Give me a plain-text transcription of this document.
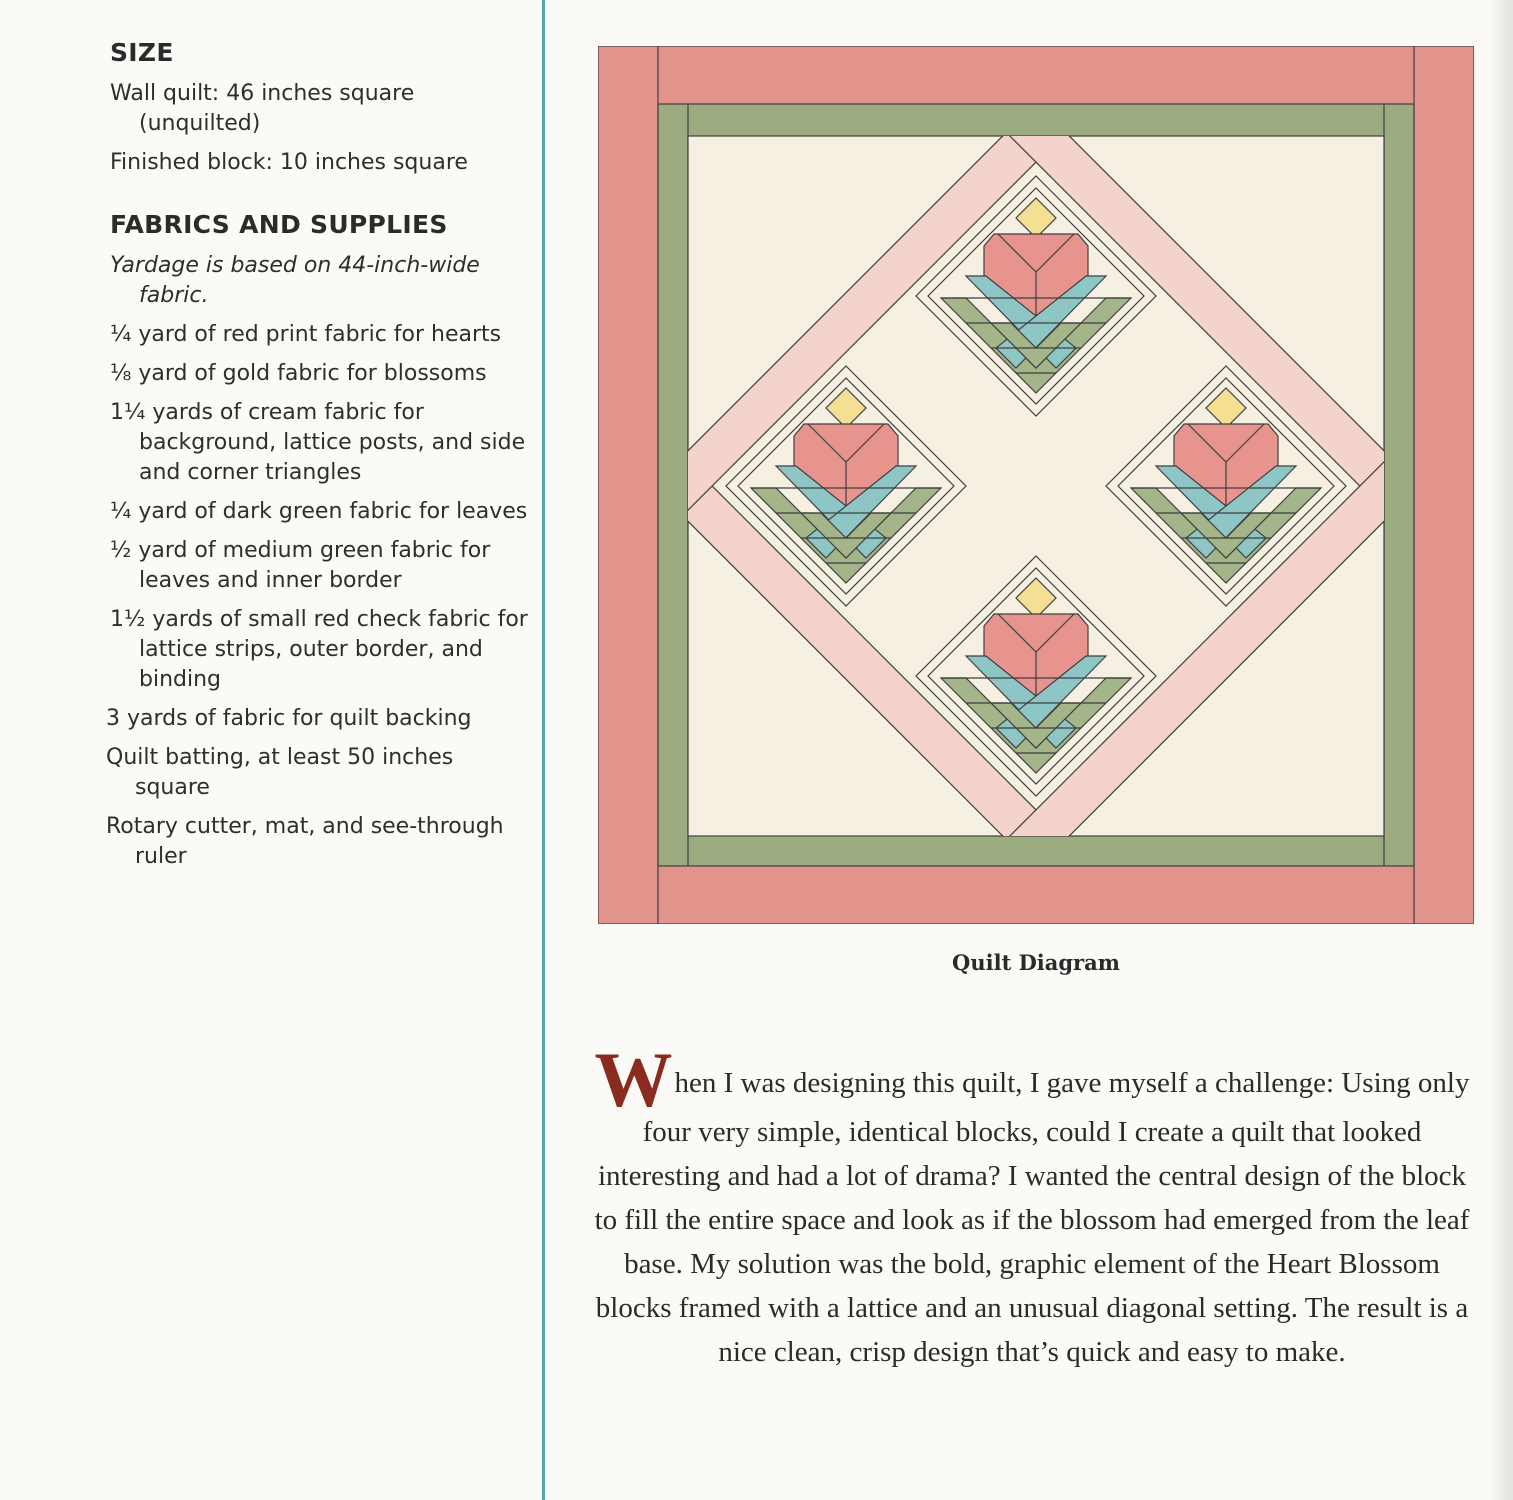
SIZE
Wall quilt: 46 inches square (unquilted)
Finished block: 10 inches square
FABRICS AND SUPPLIES
Yardage is based on 44-inch-wide fabric.
¼ yard of red print fabric for hearts
⅛ yard of gold fabric for blossoms
1¼ yards of cream fabric for background, lattice posts, and side and corner triangles
¼ yard of dark green fabric for leaves
½ yard of medium green fabric for leaves and inner border
1½ yards of small red check fabric for lattice strips, outer border, and binding
3 yards of fabric for quilt backing
Quilt batting, at least 50 inches square
Rotary cutter, mat, and see-through ruler
Quilt Diagram
When I was designing this quilt, I gave myself a challenge: Using only four very simple, identical blocks, could I create a quilt that looked interesting and had a lot of drama? I wanted the central design of the block to fill the entire space and look as if the blossom had emerged from the leaf base. My solution was the bold, graphic element of the Heart Blossom blocks framed with a lattice and an unusual diagonal setting. The result is a nice clean, crisp design that’s quick and easy to make.
